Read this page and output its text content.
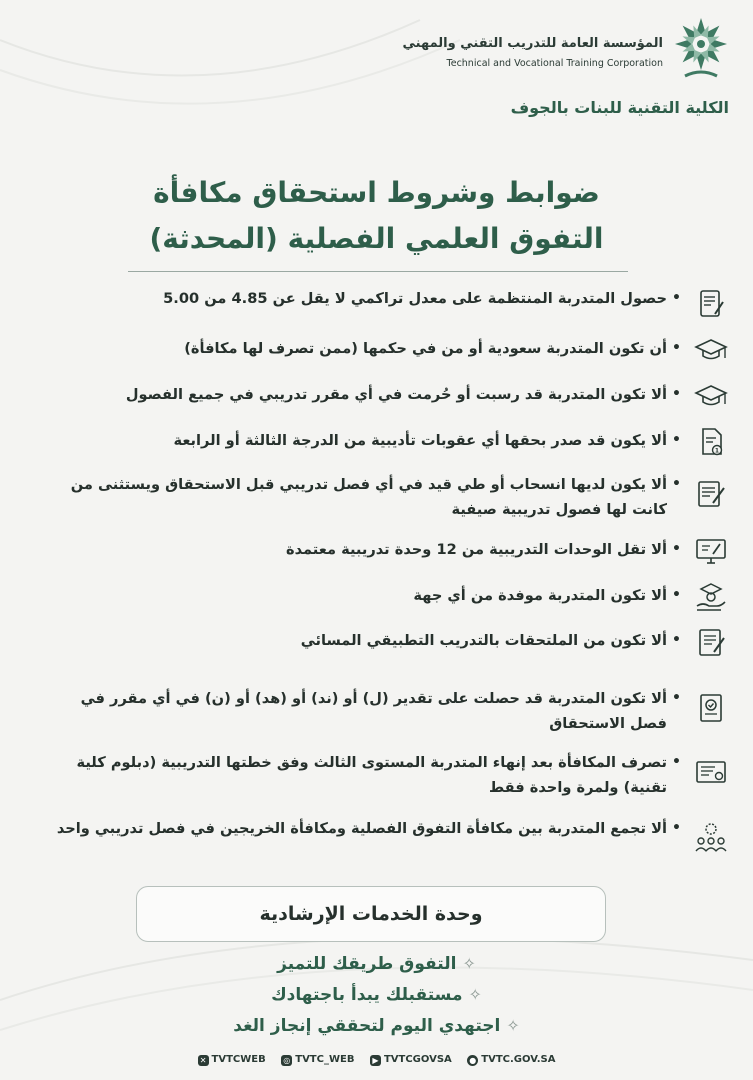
المؤسسة العامة للتدريب التقني والمهني
Technical and Vocational Training Corporation
الكلية التقنية للبنات بالجوف
ضوابط وشروط استحقاق مكافأة
التفوق العلمي الفصلية (المحدثة)
•
حصول المتدربة المنتظمة على معدل تراكمي لا يقل عن 4.85 من 5.00
•
أن تكون المتدربة سعودية أو من في حكمها (ممن تصرف لها مكافأة)
•
ألا تكون المتدربة قد رسبت أو حُرمت في أي مقرر تدريبي في جميع الفصول
1
•
ألا يكون قد صدر بحقها أي عقوبات تأديبية من الدرجة الثالثة أو الرابعة
•
ألا يكون لديها انسحاب أو طي قيد في أي فصل تدريبي قبل الاستحقاق ويستثنى من كانت لها فصول تدريبية صيفية
•
ألا تقل الوحدات التدريبية من 12 وحدة تدريبية معتمدة
•
ألا تكون المتدربة موفدة من أي جهة
•
ألا تكون من الملتحقات بالتدريب التطبيقي المسائي
•
ألا تكون المتدربة قد حصلت على تقدير (ل) أو (ند) أو (هد) أو (ن) في أي مقرر في فصل الاستحقاق
•
تصرف المكافأة بعد إنهاء المتدربة المستوى الثالث وفق خطتها التدريبية (دبلوم كلية تقنية) ولمرة واحدة فقط
•
ألا تجمع المتدربة بين مكافأة التفوق الفصلية ومكافأة الخريجين في فصل تدريبي واحد
وحدة الخدمات الإرشادية
✧التفوق طريقك للتميز
✧مستقبلك يبدأ باجتهادك
✧اجتهدي اليوم لتحققي إنجاز الغد
✕ TVTCWEB ◎ TVTC_WEB ▶ TVTCGOVSA ● TVTC.GOV.SA
